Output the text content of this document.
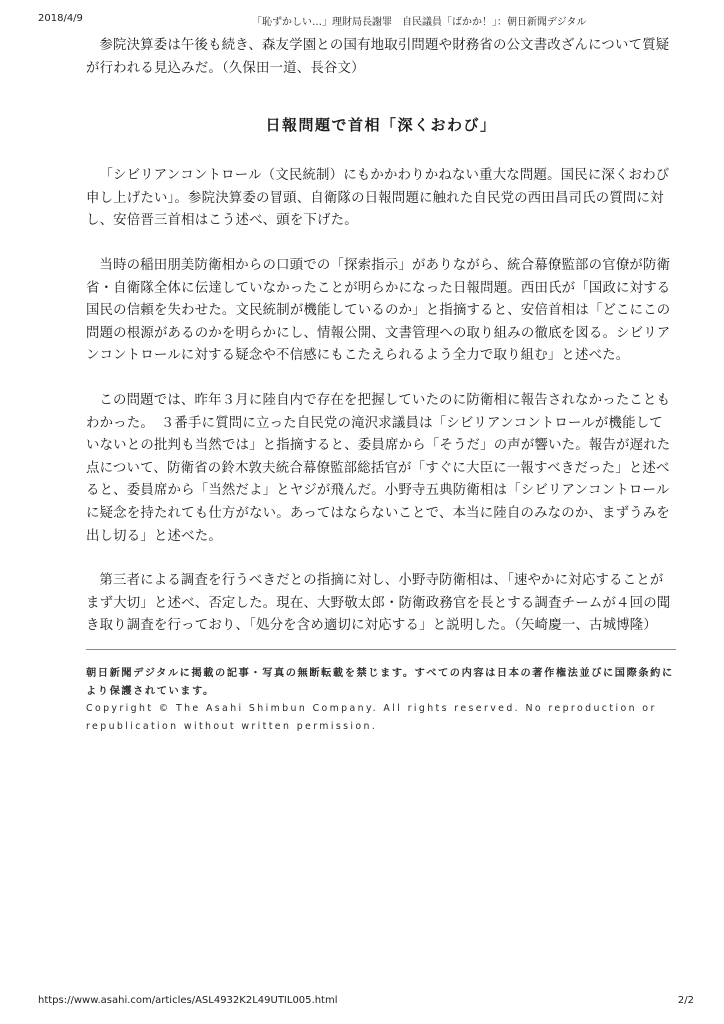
2018/4/9	「恥ずかしい…」理財局長謝罪　自民議員「ばかか！」：朝日新聞デジタル

参院決算委は午後も続き、森友学園との国有地取引問題や財務省の公文書改ざんについて質疑が行われる見込みだ。（久保田一道、長谷文）

日報問題で首相「深くおわび」

「シビリアンコントロール（文民統制）にもかかわりかねない重大な問題。国民に深くおわび申し上げたい」。参院決算委の冒頭、自衛隊の日報問題に触れた自民党の西田昌司氏の質問に対し、安倍晋三首相はこう述べ、頭を下げた。

当時の稲田朋美防衛相からの口頭での「探索指示」がありながら、統合幕僚監部の官僚が防衛省・自衛隊全体に伝達していなかったことが明らかになった日報問題。西田氏が「国政に対する国民の信頼を失わせた。文民統制が機能しているのか」と指摘すると、安倍首相は「どこにこの問題の根源があるのかを明らかにし、情報公開、文書管理への取り組みの徹底を図る。シビリアンコントロールに対する疑念や不信感にもこたえられるよう全力で取り組む」と述べた。

この問題では、昨年３月に陸自内で存在を把握していたのに防衛相に報告されなかったこともわかった。　３番手に質問に立った自民党の滝沢求議員は「シビリアンコントロールが機能していないとの批判も当然では」と指摘すると、委員席から「そうだ」の声が響いた。報告が遅れた点について、防衛省の鈴木敦夫統合幕僚監部総括官が「すぐに大臣に一報すべきだった」と述べると、委員席から「当然だよ」とヤジが飛んだ。小野寺五典防衛相は「シビリアンコントロールに疑念を持たれても仕方がない。あってはならないことで、本当に陸自のみなのか、まずうみを出し切る」と述べた。

第三者による調査を行うべきだとの指摘に対し、小野寺防衛相は、「速やかに対応することがまず大切」と述べ、否定した。現在、大野敬太郎・防衛政務官を長とする調査チームが４回の聞き取り調査を行っており、「処分を含め適切に対応する」と説明した。（矢崎慶一、古城博隆）

朝日新聞デジタルに掲載の記事・写真の無断転載を禁じます。すべての内容は日本の著作権法並びに国際条約により保護されています。
Copyright © The Asahi Shimbun Company. All rights reserved. No reproduction or republication without written permission.
https://www.asahi.com/articles/ASL4932K2L49UTIL005.html	2/2
